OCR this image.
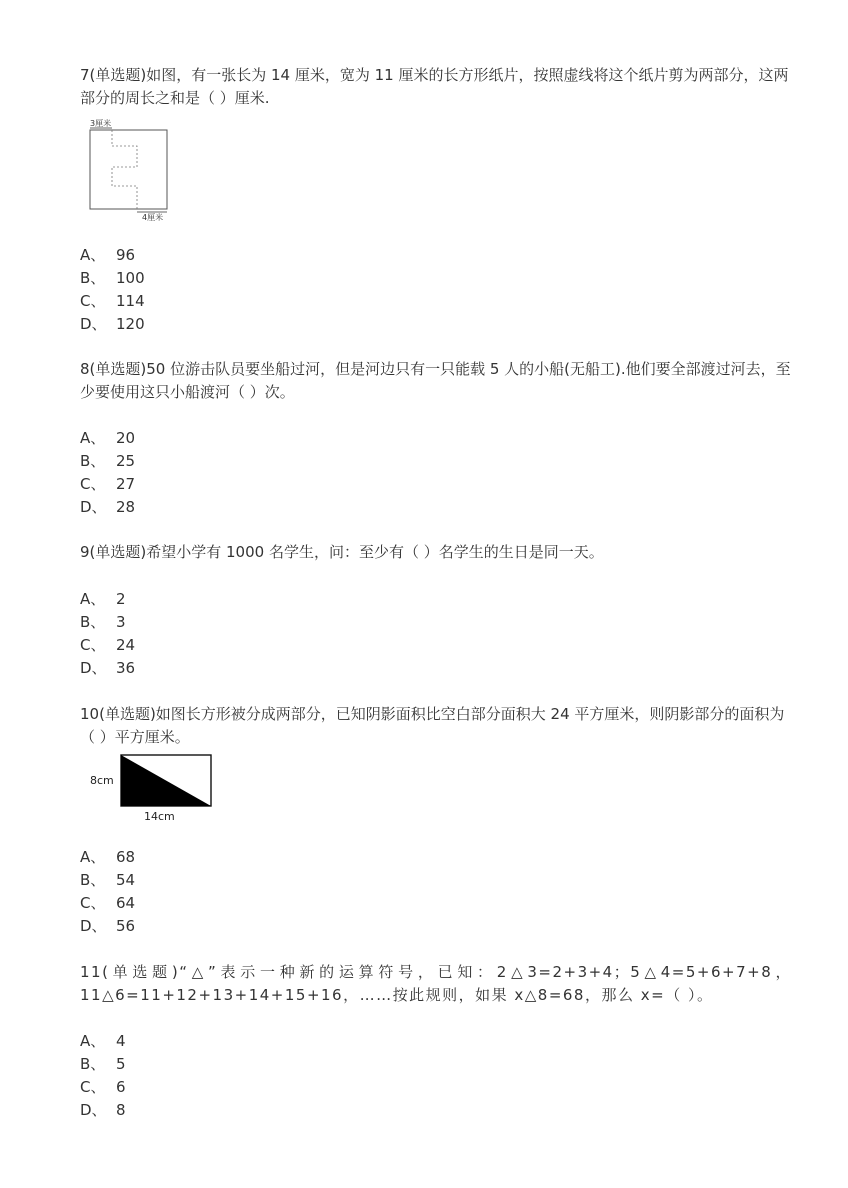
7(单选题)如图，有一张长为 14 厘米，宽为 11 厘米的长方形纸片，按照虚线将这个纸片剪为两部分，这两部分的周长之和是（ ）厘米.

3厘米
4厘米
A、 96
B、 100
C、 114
D、 120

8(单选题)50 位游击队员要坐船过河，但是河边只有一只能载 5 人的小船(无船工).他们要全部渡过河去，至少要使用这只小船渡河（ ）次。

A、 20
B、 25
C、 27
D、 28

9(单选题)希望小学有 1000 名学生，问：至少有（ ）名学生的生日是同一天。

A、 2
B、 3
C、 24
D、 36

10(单选题)如图长方形被分成两部分，已知阴影面积比空白部分面积大 24 平方厘米，则阴影部分的面积为（ ）平方厘米。

8cm
14cm
A、 68
B、 54
C、 64
D、 56

11(单选题)“△”表示一种新的运算符号，已知：2△3=2+3+4；5△4=5+6+7+8，11△6=11+12+13+14+15+16，……按此规则，如果 x△8=68，那么 x=（ ）。

A、 4
B、 5
C、 6
D、 8
